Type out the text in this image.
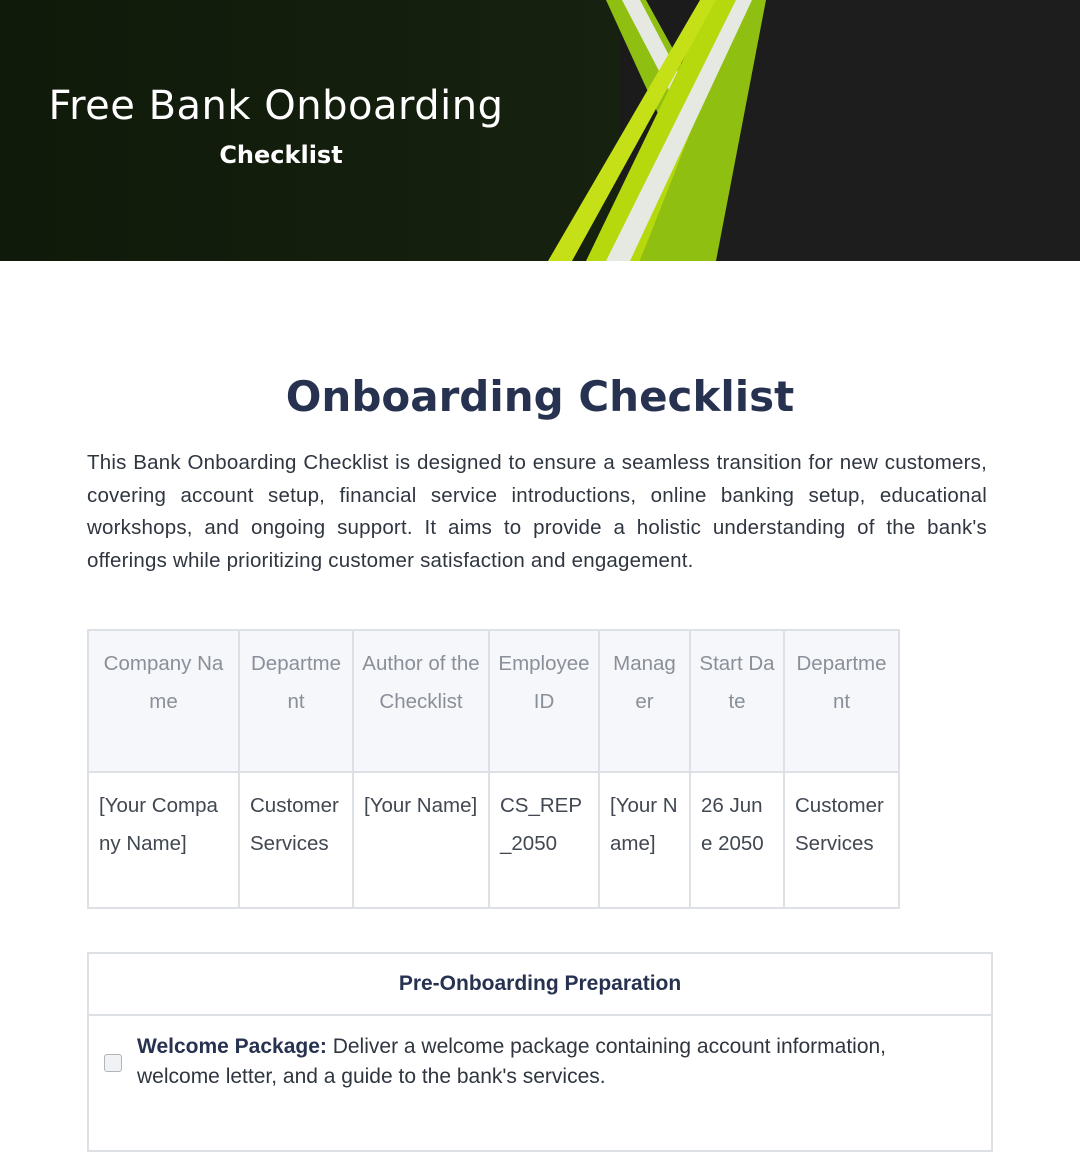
Free Bank Onboarding
Checklist
Onboarding Checklist

This Bank Onboarding Checklist is designed to ensure a seamless transition for new customers, covering account setup, financial service introductions, online banking setup, educational workshops, and ongoing support. It aims to provide a holistic understanding of the bank's offerings while prioritizing customer satisfaction and engagement.

Company Name	Department	Author of the Checklist	Employee ID	Manager	Start Date	Department
[Your Company Name]	Customer Services	[Your Name]	CS_REP_2050	[Your Name]	26 June 2050	Customer Services
Pre-Onboarding Preparation
Welcome Package: Deliver a welcome package containing account information, welcome letter, and a guide to the bank's services.
